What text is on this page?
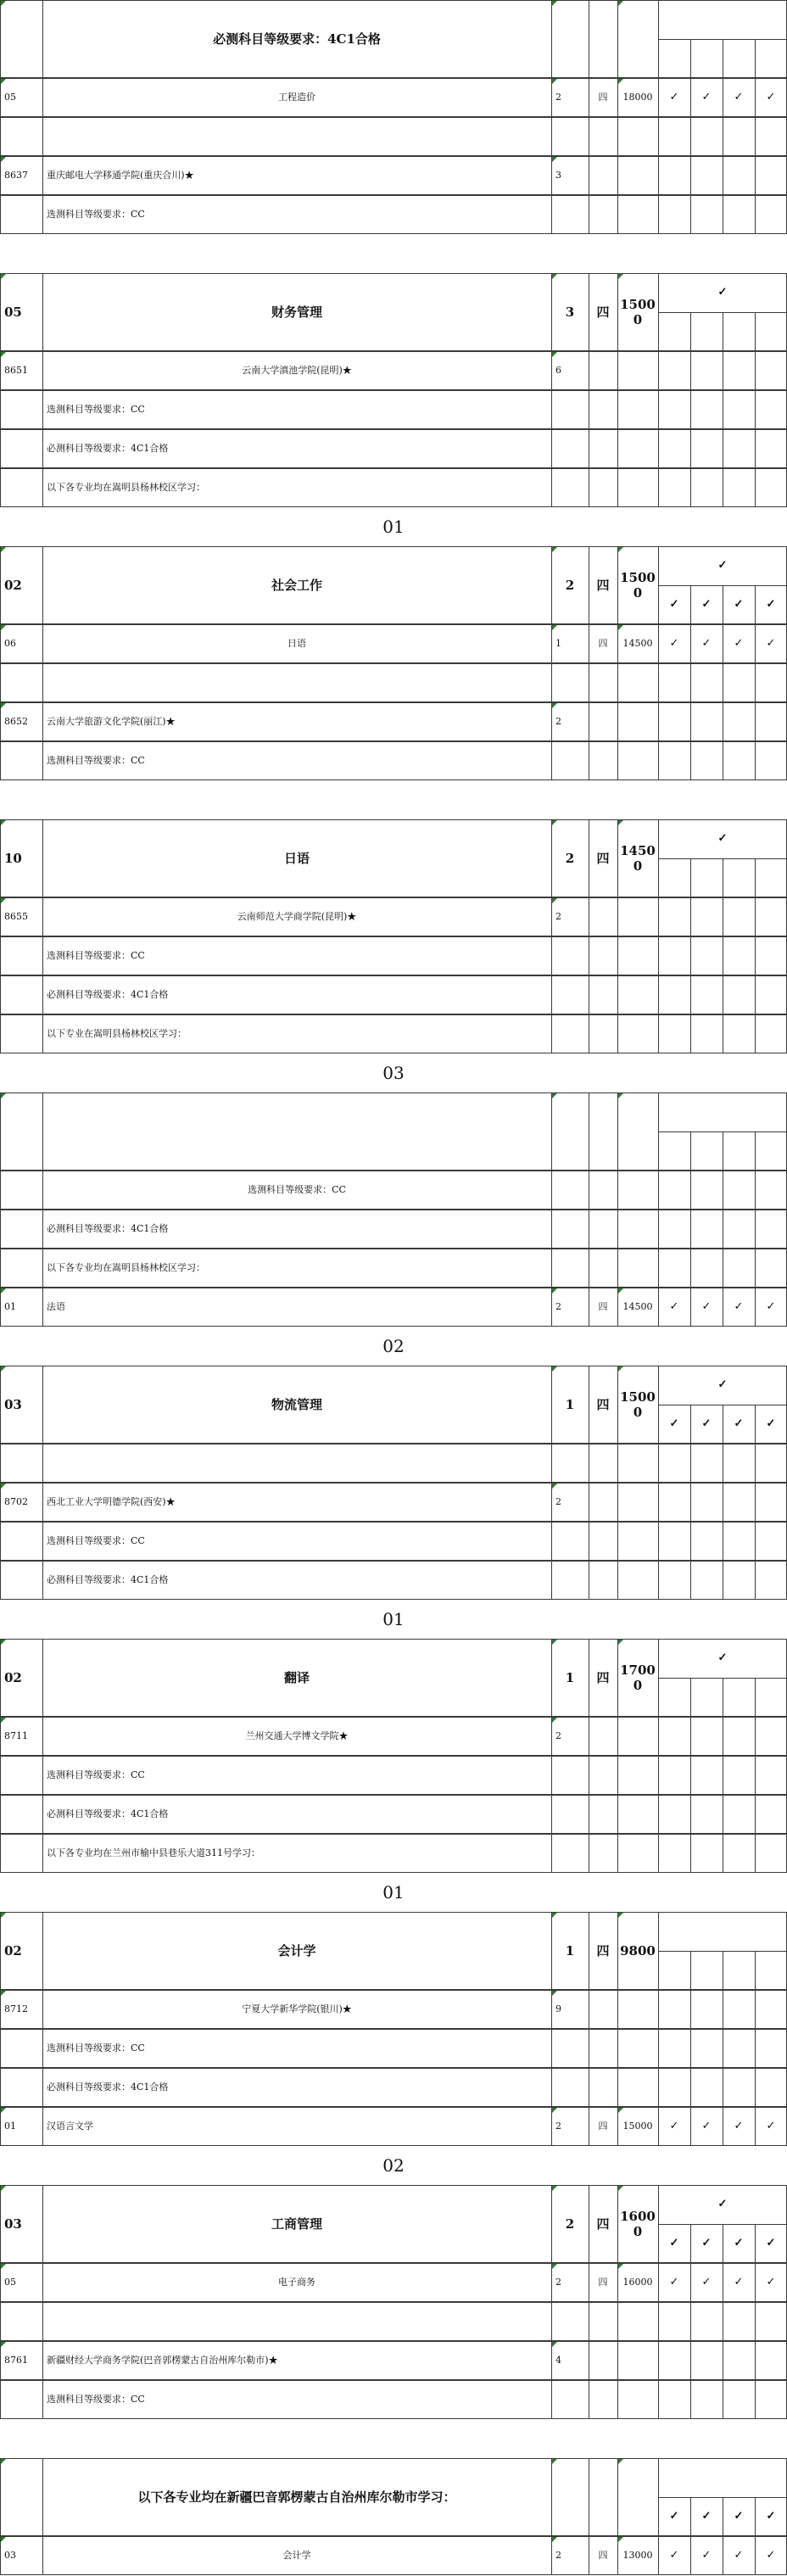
必测科目等级要求：4C1合格
05	工程造价	2	四	18000	✓	✓	✓	✓
8637	重庆邮电大学移通学院(重庆合川)★	3
选测科目等级要求：CC
05	财务管理	3	四 15000
✓
8651	云南大学滇池学院(昆明)★	6
选测科目等级要求：CC
必测科目等级要求：4C1合格
以下各专业均在嵩明县杨林校区学习：
01
02	社会工作	2	四 15000
✓
✓	✓	✓	✓
06	日语	1	四	14500	✓	✓	✓	✓
8652	云南大学旅游文化学院(丽江)★	2
选测科目等级要求：CC
10	日语	2	四 14500
✓
8655	云南师范大学商学院(昆明)★	2
选测科目等级要求：CC
必测科目等级要求：4C1合格
以下专业在嵩明县杨林校区学习：
03
选测科目等级要求：CC
必测科目等级要求：4C1合格
以下各专业均在嵩明县杨林校区学习：
01	法语	2	四	14500	✓	✓	✓	✓
02
03	物流管理	1	四 15000
✓
✓	✓	✓	✓
8702	西北工业大学明德学院(西安)★	2
选测科目等级要求：CC
必测科目等级要求：4C1合格
01
02	翻译	1	四 17000
✓
8711	兰州交通大学博文学院★	2
选测科目等级要求：CC
必测科目等级要求：4C1合格
以下各专业均在兰州市榆中县巷乐大道311号学习：
01
02	会计学	1	四 9800
8712	宁夏大学新华学院(银川)★	9
选测科目等级要求：CC
必测科目等级要求：4C1合格
01	汉语言文学	2	四	15000	✓	✓	✓	✓
02
03	工商管理	2	四 16000
✓
✓	✓	✓	✓
05	电子商务	2	四	16000	✓	✓	✓	✓
8761	新疆财经大学商务学院(巴音郭楞蒙古自治州库尔勒市)★	4
选测科目等级要求：CC
以下各专业均在新疆巴音郭楞蒙古自治州库尔勒市学习：
✓	✓	✓	✓
03	会计学	2	四	13000	✓	✓	✓	✓
